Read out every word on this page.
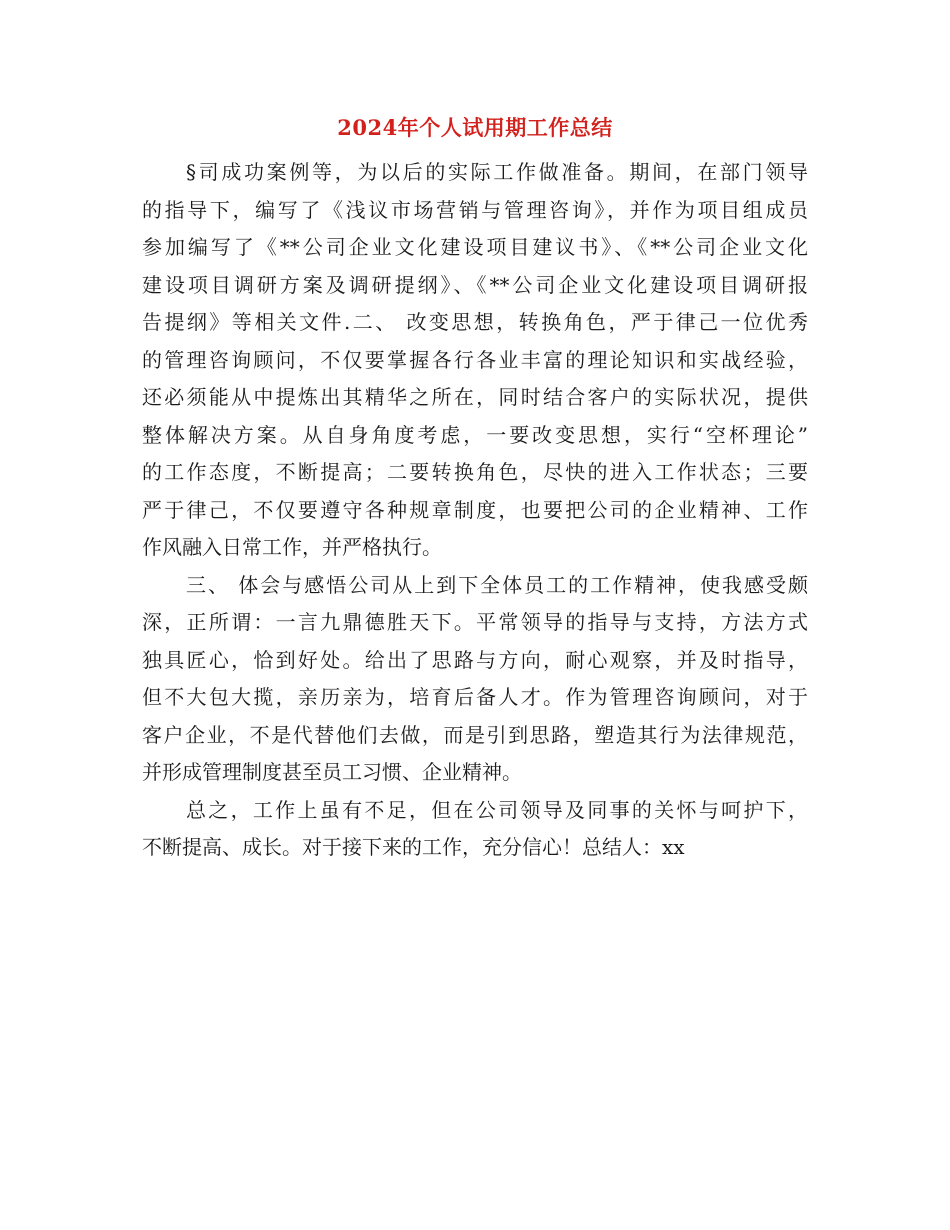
2024年个人试用期工作总结
§司成功案例等，为以后的实际工作做准备。期间，在部门领导
的指导下，编写了《浅议市场营销与管理咨询》，并作为项目组成员
参加编写了《**公司企业文化建设项目建议书》、《**公司企业文化
建设项目调研方案及调研提纲》、《**公司企业文化建设项目调研报
告提纲》等相关文件.二、 改变思想，转换角色，严于律己一位优秀
的管理咨询顾问，不仅要掌握各行各业丰富的理论知识和实战经验，
还必须能从中提炼出其精华之所在，同时结合客户的实际状况，提供
整体解决方案。从自身角度考虑，一要改变思想，实行“空杯理论”
的工作态度，不断提高；二要转换角色，尽快的进入工作状态；三要
严于律己，不仅要遵守各种规章制度，也要把公司的企业精神、工作
作风融入日常工作，并严格执行。
三、 体会与感悟公司从上到下全体员工的工作精神，使我感受颇
深，正所谓：一言九鼎德胜天下。平常领导的指导与支持，方法方式
独具匠心，恰到好处。给出了思路与方向，耐心观察，并及时指导，
但不大包大揽，亲历亲为，培育后备人才。作为管理咨询顾问，对于
客户企业，不是代替他们去做，而是引到思路，塑造其行为法律规范，
并形成管理制度甚至员工习惯、企业精神。
总之，工作上虽有不足，但在公司领导及同事的关怀与呵护下，
不断提高、成长。对于接下来的工作，充分信心！总结人：xx
